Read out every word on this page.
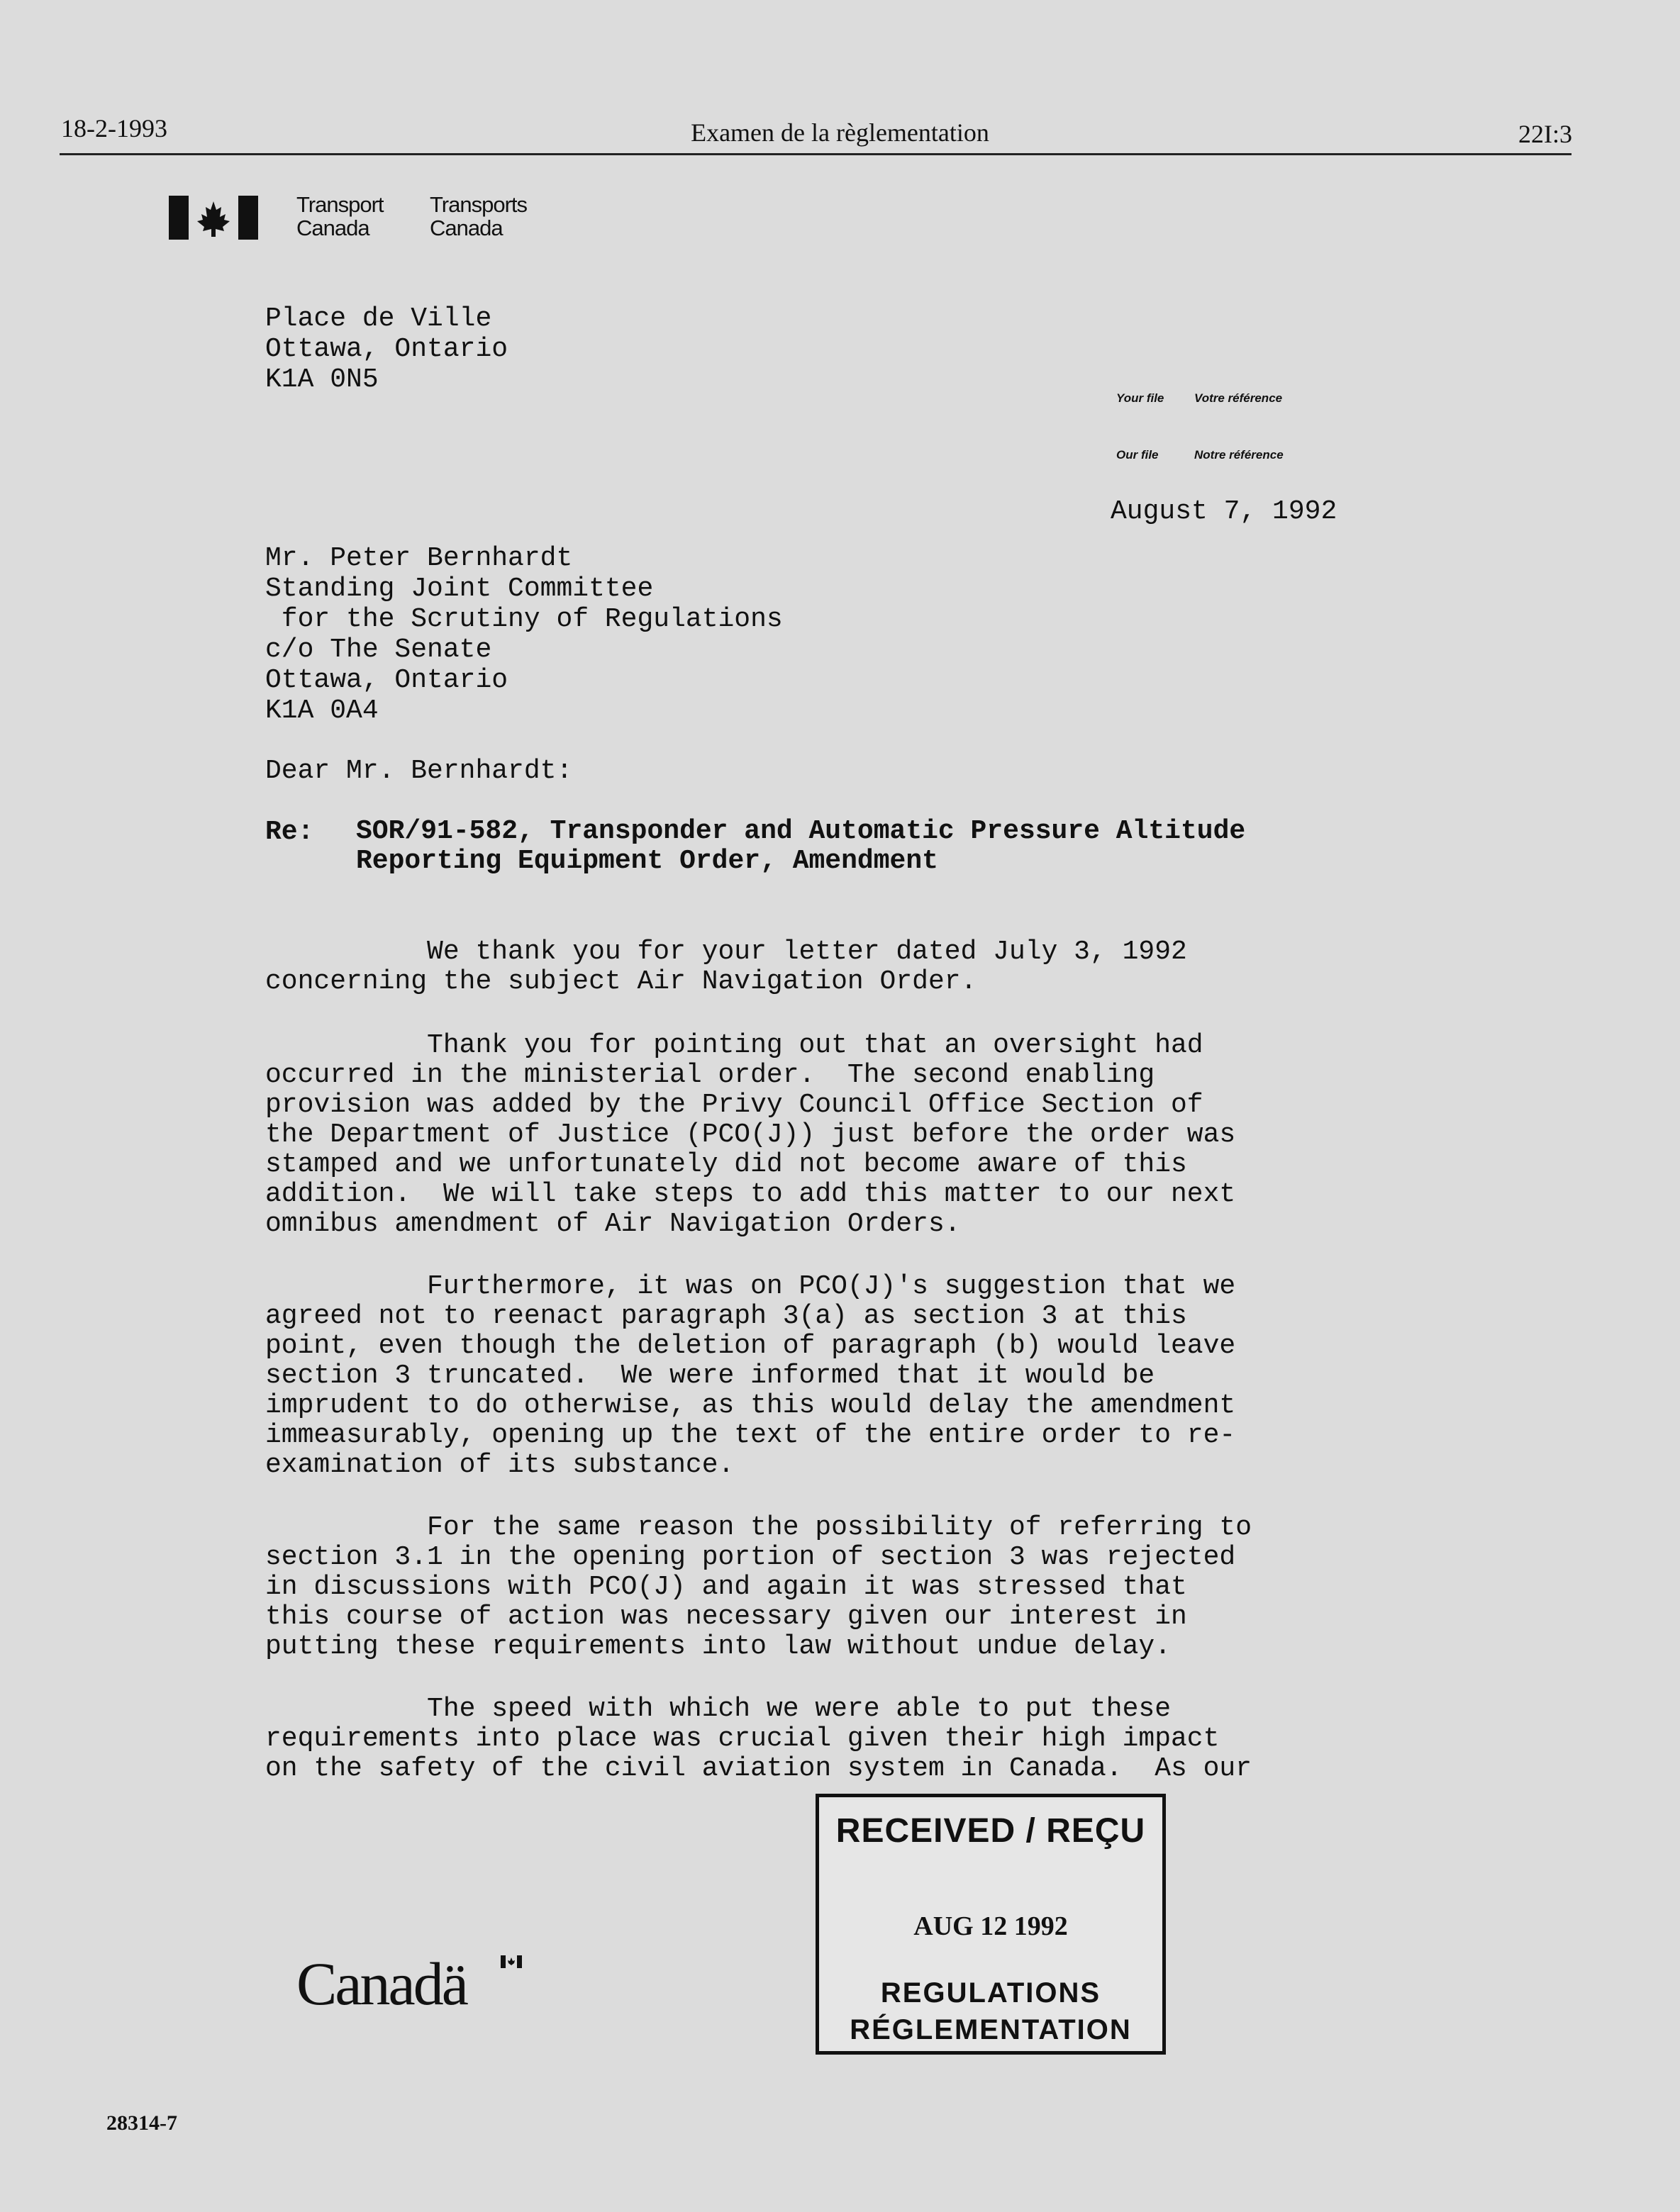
18-2-1993	Examen de la règlementation	22I:3
Transport
Canada
Transports
Canada
Place de Ville
Ottawa, Ontario
K1A 0N5
Your file	Votre référence
Our file	Notre référence
August 7, 1992
Mr. Peter Bernhardt
Standing Joint Committee
for the Scrutiny of Regulations
c/o The Senate
Ottawa, Ontario
K1A 0A4
Dear Mr. Bernhardt:
Re: SOR/91-582, Transponder and Automatic Pressure Altitude
Reporting Equipment Order, Amendment
We thank you for your letter dated July 3, 1992
concerning the subject Air Navigation Order.
Thank you for pointing out that an oversight had
occurred in the ministerial order.  The second enabling
provision was added by the Privy Council Office Section of
the Department of Justice (PCO(J)) just before the order was
stamped and we unfortunately did not become aware of this
addition.  We will take steps to add this matter to our next
omnibus amendment of Air Navigation Orders.
Furthermore, it was on PCO(J)'s suggestion that we
agreed not to reenact paragraph 3(a) as section 3 at this
point, even though the deletion of paragraph (b) would leave
section 3 truncated.  We were informed that it would be
imprudent to do otherwise, as this would delay the amendment
immeasurably, opening up the text of the entire order to re-
examination of its substance.
For the same reason the possibility of referring to
section 3.1 in the opening portion of section 3 was rejected
in discussions with PCO(J) and again it was stressed that
this course of action was necessary given our interest in
putting these requirements into law without undue delay.
The speed with which we were able to put these
requirements into place was crucial given their high impact
on the safety of the civil aviation system in Canada.  As our
Canadä
RECEIVED / REÇU
AUG 12 1992
REGULATIONS
RÉGLEMENTATION
28314-7
